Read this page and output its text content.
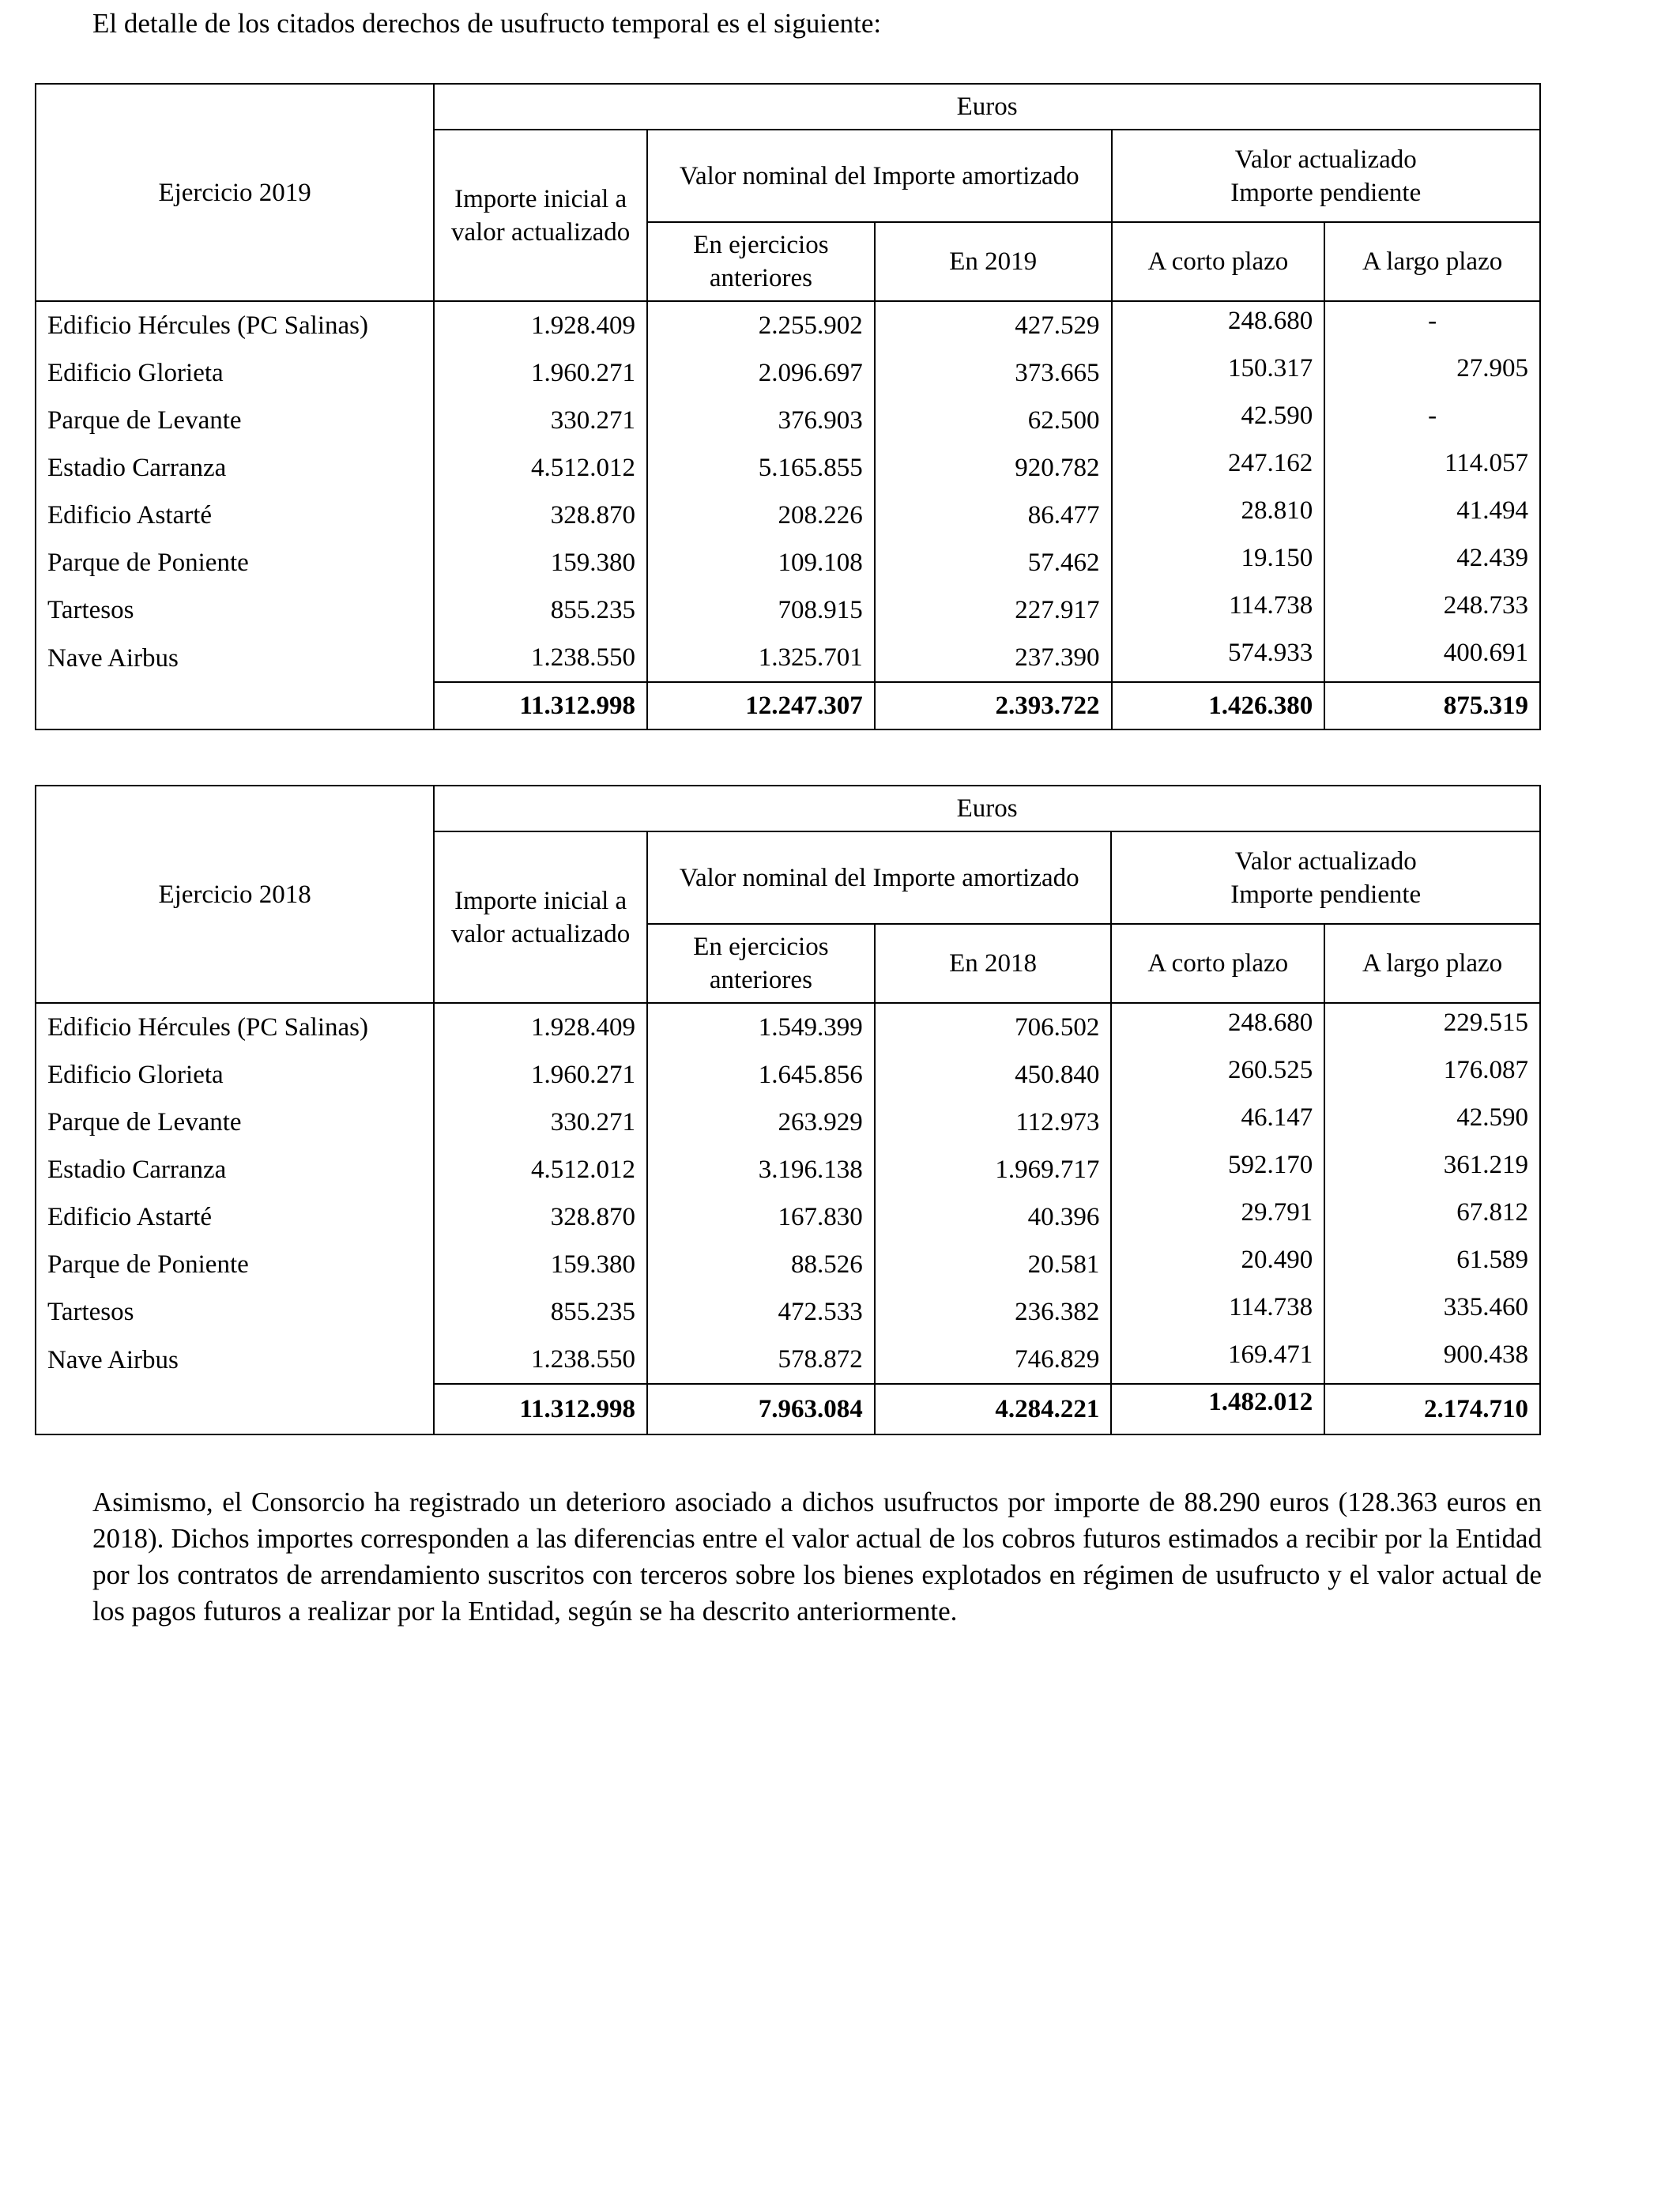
El detalle de los citados derechos de usufructo temporal es el siguiente:

Ejercicio 2019	Euros				
	Importe inicial a valor actualizado	Valor nominal del Importe amortizado		Valor actualizado
Importe pendiente	

		En ejercicios anteriores	En 2019	A corto plazo	A largo plazo
Edificio Hércules (PC Salinas)	1.928.409	2.255.902	427.529	248.680	-
Edificio Glorieta	1.960.271	2.096.697	373.665	150.317	27.905
Parque de Levante	330.271	376.903	62.500	42.590	-
Estadio Carranza	4.512.012	5.165.855	920.782	247.162	114.057
Edificio Astarté	328.870	208.226	86.477	28.810	41.494
Parque de Poniente	159.380	109.108	57.462	19.150	42.439
Tartesos	855.235	708.915	227.917	114.738	248.733
Nave Airbus	1.238.550	1.325.701	237.390	574.933	400.691
	11.312.998	12.247.307	2.393.722	1.426.380	875.319
Ejercicio 2018	Euros				
	Importe inicial a valor actualizado	Valor nominal del Importe amortizado		Valor actualizado
Importe pendiente	

		En ejercicios anteriores	En 2018	A corto plazo	A largo plazo
Edificio Hércules (PC Salinas)	1.928.409	1.549.399	706.502	248.680	229.515
Edificio Glorieta	1.960.271	1.645.856	450.840	260.525	176.087
Parque de Levante	330.271	263.929	112.973	46.147	42.590
Estadio Carranza	4.512.012	3.196.138	1.969.717	592.170	361.219
Edificio Astarté	328.870	167.830	40.396	29.791	67.812
Parque de Poniente	159.380	88.526	20.581	20.490	61.589
Tartesos	855.235	472.533	236.382	114.738	335.460
Nave Airbus	1.238.550	578.872	746.829	169.471	900.438
	11.312.998	7.963.084	4.284.221	1.482.012	2.174.710

Asimismo, el Consorcio ha registrado un deterioro asociado a dichos usufructos por importe de 88.290 euros (128.363 euros en 2018). Dichos importes corresponden a las diferencias entre el valor actual de los cobros futuros estimados a recibir por la Entidad por los contratos de arrendamiento suscritos con terceros sobre los bienes explotados en régimen de usufructo y el valor actual de los pagos futuros a realizar por la Entidad, según se ha descrito anteriormente.
